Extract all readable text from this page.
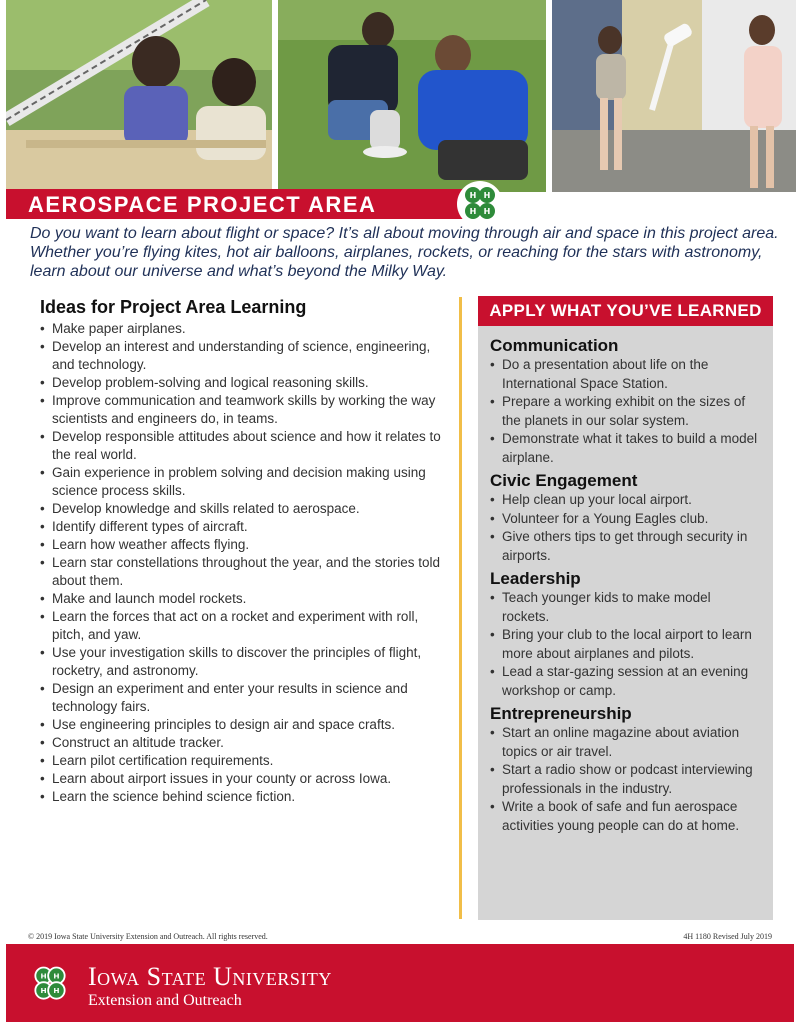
AEROSPACE PROJECT AREA	H H
H H
Do you want to learn about flight or space? It’s all about moving through air and space in this project area. Whether you’re flying kites, hot air balloons, airplanes, rockets, or reaching for the stars with astronomy, learn about our universe and what’s beyond the Milky Way.
Ideas for Project Area Learning
• Make paper airplanes.
• Develop an interest and understanding of science, engineering, and technology.
• Develop problem-solving and logical reasoning skills.
• Improve communication and teamwork skills by working the way scientists and engineers do, in teams.
• Develop responsible attitudes about science and how it relates to the real world.
• Gain experience in problem solving and decision making using science process skills.
• Develop knowledge and skills related to aerospace.
• Identify different types of aircraft.
• Learn how weather affects flying.
• Learn star constellations throughout the year, and the stories told about them.
• Make and launch model rockets.
• Learn the forces that act on a rocket and experiment with roll, pitch, and yaw.
• Use your investigation skills to discover the principles of flight, rocketry, and astronomy.
• Design an experiment and enter your results in science and technology fairs.
• Use engineering principles to design air and space crafts.
• Construct an altitude tracker.
• Learn pilot certification requirements.
• Learn about airport issues in your county or across Iowa.
• Learn the science behind science fiction.
APPLY WHAT YOU’VE LEARNED
Communication
• Do a presentation about life on the International Space Station.
• Prepare a working exhibit on the sizes of the planets in our solar system.
• Demonstrate what it takes to build a model airplane.
Civic Engagement
• Help clean up your local airport.
• Volunteer for a Young Eagles club.
• Give others tips to get through security in airports.
Leadership
• Teach younger kids to make model rockets.
• Bring your club to the local airport to learn more about airplanes and pilots.
• Lead a star-gazing session at an evening workshop or camp.
Entrepreneurship
• Start an online magazine about aviation topics or air travel.
• Start a radio show or podcast interviewing professionals in the industry.
• Write a book of safe and fun aerospace activities young people can do at home.
© 2019 Iowa State University Extension and Outreach. All rights reserved.	4H 1180 Revised July 2019
H H
H H Iowa State University
Extension and Outreach
